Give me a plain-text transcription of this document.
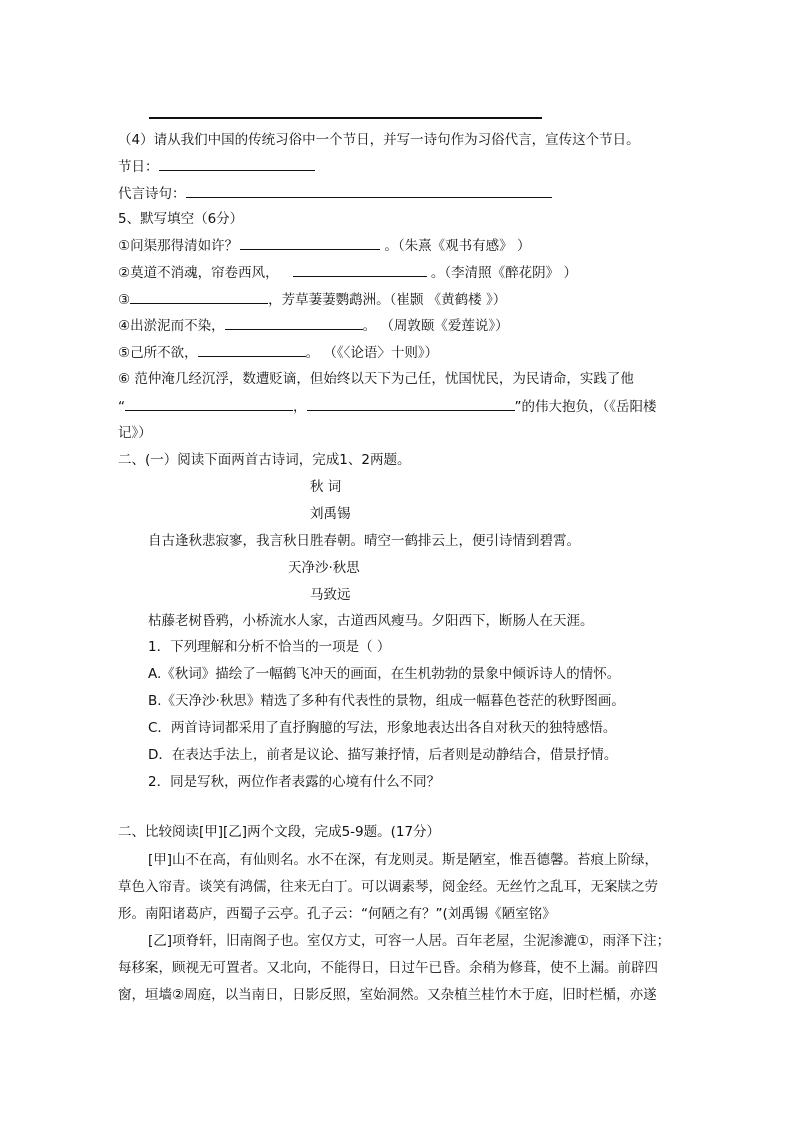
（4）请从我们中国的传统习俗中一个节日，并写一诗句作为习俗代言，宣传这个节日。
节日：
代言诗句：
5、默写填空（6分）
①问渠那得清如许？	。（朱熹《观书有感》 ）
②莫道不消魂，帘卷西风，	。（李清照《醉花阴》 ）
③	，芳草萋萋鹦鹉洲。（崔颢 《黄鹤楼 》）
④出淤泥而不染，	。 （周敦颐《爱莲说》）
⑤己所不欲，	。 （《〈论语〉十则》）
⑥ 范仲淹几经沉浮，数遭贬谪，但始终以天下为己任，忧国忧民，为民请命，实践了他
“	，	”的伟大抱负，（《岳阳楼
记》）
二、(一）阅读下面两首古诗词，完成1、2两题。
秋 词
刘禹锡
自古逢秋悲寂寥，我言秋日胜春朝。晴空一鹤排云上，便引诗情到碧霄。
天净沙·秋思
马致远
枯藤老树昏鸦，小桥流水人家，古道西风瘦马。夕阳西下，断肠人在天涯。
1．下列理解和分析不恰当的一项是（ ）
A.《秋词》描绘了一幅鹤飞冲天的画面，在生机勃勃的景象中倾诉诗人的情怀。
B.《天净沙·秋思》精选了多种有代表性的景物，组成一幅暮色苍茫的秋野图画。
C．两首诗词都采用了直抒胸臆的写法，形象地表达出各自对秋天的独特感悟。
D．在表达手法上，前者是议论、描写兼抒情，后者则是动静结合，借景抒情。
2．同是写秋，两位作者表露的心境有什么不同？
二、比较阅读[甲][乙]两个文段，完成5-9题。(17分）
[甲]山不在高，有仙则名。水不在深，有龙则灵。斯是陋室，惟吾德馨。苔痕上阶绿，
草色入帘青。谈笑有鸿儒，往来无白丁。可以调素琴，阅金经。无丝竹之乱耳，无案牍之劳
形。南阳诸葛庐，西蜀子云亭。孔子云：“何陋之有？”(刘禹锡《陋室铭》
[乙]项脊轩，旧南阁子也。室仅方丈，可容一人居。百年老屋，尘泥渗漉①，雨泽下注；
每移案，顾视无可置者。又北向，不能得日，日过午已昏。余稍为修葺，使不上漏。前辟四
窗，垣墙②周庭，以当南日，日影反照，室始洞然。又杂植兰桂竹木于庭，旧时栏楯，亦遂
